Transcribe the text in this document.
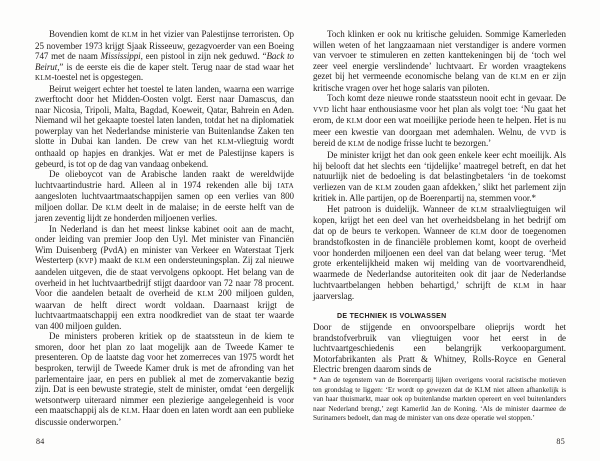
Bovendien komt de KLM in het vizier van Palestijnse terroristen. Op 25 november 1973 krijgt Sjaak Risseeuw, gezagvoerder van een Boeing 747 met de naam Mississippi, een pistool in zijn nek geduwd. “Back to Beirut,” is de eerste eis die de kaper stelt. Terug naar de stad waar het KLM-toestel net is opgestegen.

Beirut weigert echter het toestel te laten landen, waarna een warrige zwerftocht door het Midden-Oosten volgt. Eerst naar Damascus, dan naar Nicosia, Tripoli, Malta, Bagdad, Koeweit, Qatar, Bahrein en Aden. Niemand wil het gekaapte toestel laten landen, totdat het na diplomatiek powerplay van het Nederlandse ministerie van Buitenlandse Zaken ten slotte in Dubai kan landen. De crew van het KLM-vliegtuig wordt onthaald op hapjes en drankjes. Wat er met de Palestijnse kapers is gebeurd, is tot op de dag van vandaag onbekend.

De olieboycot van de Arabische landen raakt de wereldwijde luchtvaartindustrie hard. Alleen al in 1974 rekenden alle bij IATA aangesloten luchtvaartmaatschappijen samen op een verlies van 800 miljoen dollar. De KLM deelt in de malaise; in de eerste helft van de jaren zeventig lijdt ze honderden miljoenen verlies.

In Nederland is dan het meest linkse kabinet ooit aan de macht, onder leiding van premier Joop den Uyl. Met minister van Financiën Wim Duisenberg (PvdA) en minister van Verkeer en Waterstaat Tjerk Westerterp (KVP) maakt de KLM een ondersteuningsplan. Zij zal nieuwe aandelen uitgeven, die de staat vervolgens opkoopt. Het belang van de overheid in het luchtvaartbedrijf stijgt daardoor van 72 naar 78 procent. Voor die aandelen betaalt de overheid de KLM 200 miljoen gulden, waarvan de helft direct wordt voldaan. Daarnaast krijgt de luchtvaartmaatschappij een extra noodkrediet van de staat ter waarde van 400 miljoen gulden.

De ministers proberen kritiek op de staatssteun in de kiem te smoren, door het plan zo laat mogelijk aan de Tweede Kamer te presenteren. Op de laatste dag voor het zomerreces van 1975 wordt het besproken, terwijl de Tweede Kamer druk is met de afronding van het parlementaire jaar, en pers en publiek al met de zomervakantie bezig zijn. Dat is een bewuste strategie, stelt de minister, omdat ‘een dergelijk wetsontwerp uiteraard nimmer een plezierige aangelegenheid is voor een maatschappij als de KLM. Haar doen en laten wordt aan een publieke discussie onderworpen.’

84

Toch klinken er ook nu kritische geluiden. Sommige Kamerleden willen weten of het langzaamaan niet verstandiger is andere vormen van vervoer te stimuleren en zetten kanttekeningen bij de ‘toch wel zeer veel energie verslindende’ luchtvaart. Er worden vraagtekens gezet bij het vermeende economische belang van de KLM en er zijn kritische vragen over het hoge salaris van piloten.

Toch komt deze nieuwe ronde staatssteun nooit echt in gevaar. De VVD licht haar enthousiasme voor het plan als volgt toe: ‘Nu gaat het erom, de KLM door een wat moeilijke periode heen te helpen. Het is nu meer een kwestie van doorgaan met ademhalen. Welnu, de VVD is bereid de KLM de nodige frisse lucht te bezorgen.’

De minister krijgt het dan ook geen enkele keer echt moeilijk. Als hij belooft dat het slechts een ‘tijdelijke’ maatregel betreft, en dat het natuurlijk niet de bedoeling is dat belastingbetalers ‘in de toekomst verliezen van de KLM zouden gaan afdekken,’ slikt het parlement zijn kritiek in. Alle partijen, op de Boerenpartij na, stemmen voor.*

Het patroon is duidelijk. Wanneer de KLM straalvliegtuigen wil kopen, krijgt het een deel van het overheidsbelang in het bedrijf om dat op de beurs te verkopen. Wanneer de KLM door de toegenomen brandstofkosten in de financiële problemen komt, koopt de overheid voor honderden miljoenen een deel van dat belang weer terug. ‘Met grote erkentelijkheid maken wij melding van de voortvarendheid, waarmede de Nederlandse autoriteiten ook dit jaar de Nederlandse luchtvaartbelangen hebben behartigd,’ schrijft de KLM in haar jaarverslag.

DE TECHNIEK IS VOLWASSEN

Door de stijgende en onvoorspelbare olieprijs wordt het brandstofverbruik van vliegtuigen voor het eerst in de luchtvaartgeschiedenis een belangrijk verkoopargument. Motorfabrikanten als Pratt & Whitney, Rolls-Royce en General Electric brengen daarom sinds de

* Aan de tegenstem van de Boerenpartij lijken overigens vooral racistische motieven ten grondslag te liggen: ‘Er wordt op gewezen dat de KLM niet alleen afhankelijk is van haar thuismarkt, maar ook op buitenlandse markten opereert en veel buitenlanders naar Nederland brengt,’ zegt Kamerlid Jan de Koning. ‘Als de minister daarmee de Surinamers bedoelt, dan mag de minister van ons deze operatie wel stoppen.’

85
